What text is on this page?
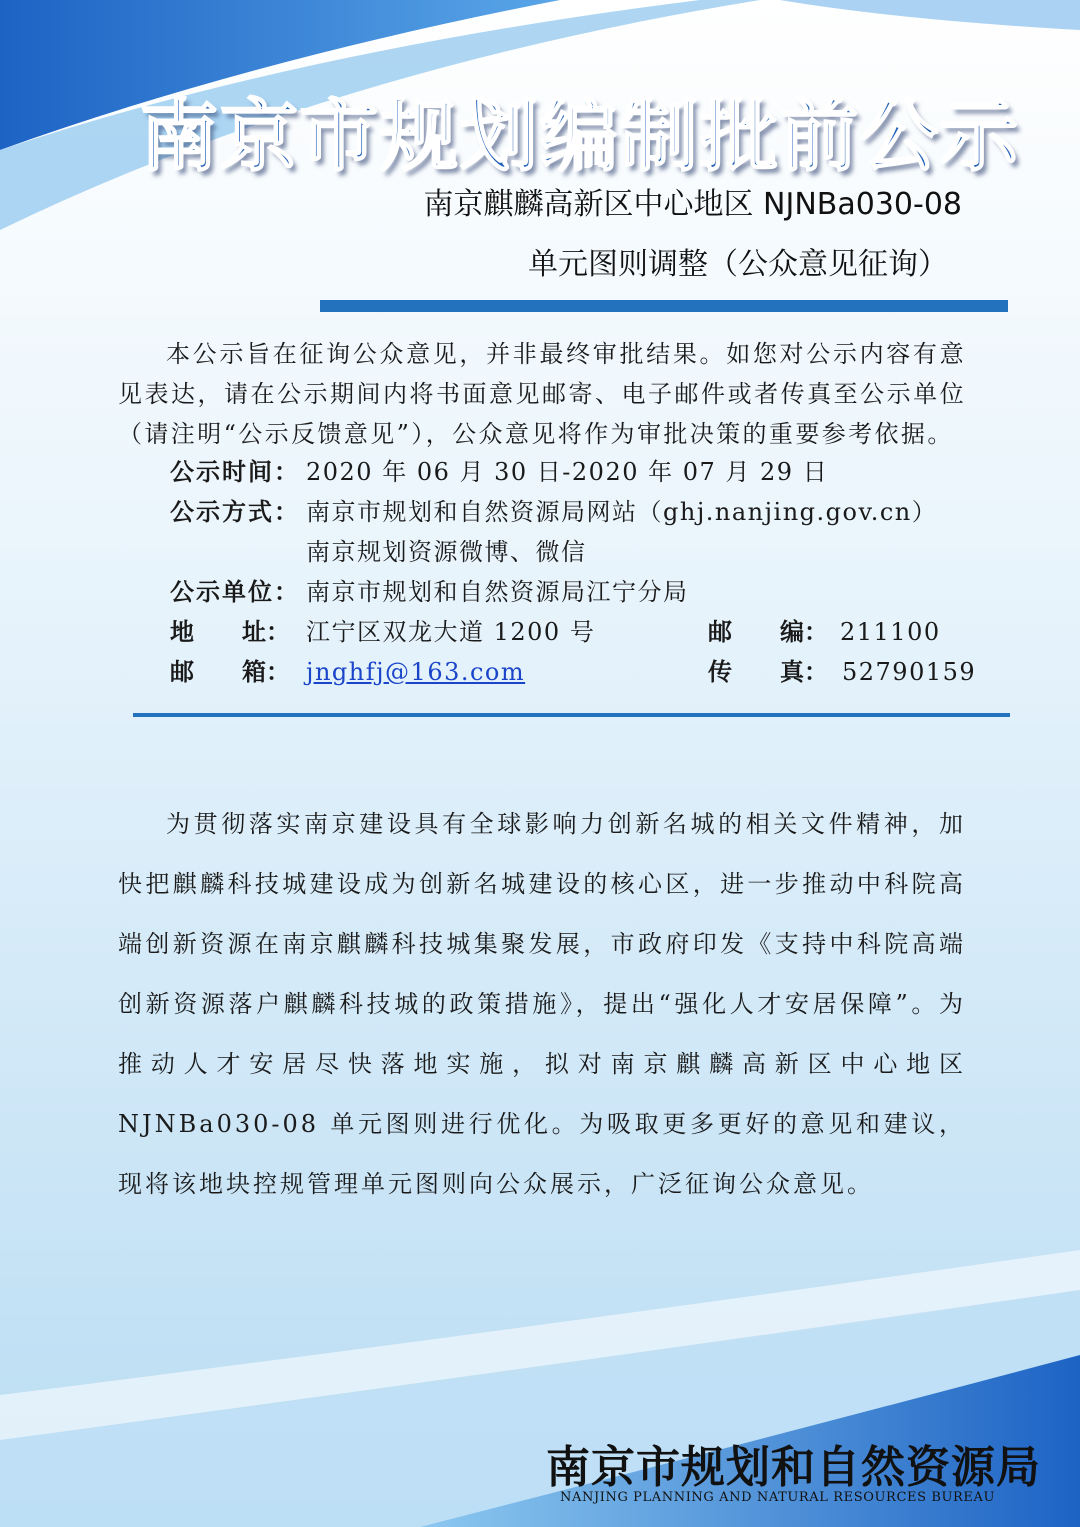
南京市规划编制批前公示

南京麒麟高新区中心地区 NJNBa030-08

单元图则调整（公众意见征询）

本公示旨在征询公众意见，并非最终审批结果。如您对公示内容有意见表达，请在公示期间内将书面意见邮寄、电子邮件或者传真至公示单位（请注明“公示反馈意见”），公众意见将作为审批决策的重要参考依据。

公示时间： 2020 年 06 月 30 日-2020 年 07 月 29 日
公示方式： 南京市规划和自然资源局网站（ghj.nanjing.gov.cn）
南京规划资源微博、微信
公示单位： 南京市规划和自然资源局江宁分局
地 址： 江宁区双龙大道 1200 号	邮 编： 211100
邮 箱： jnghfj@163.com	传 真： 52790159

为贯彻落实南京建设具有全球影响力创新名城的相关文件精神，加快把麒麟科技城建设成为创新名城建设的核心区，进一步推动中科院高端创新资源在南京麒麟科技城集聚发展，市政府印发《支持中科院高端创新资源落户麒麟科技城的政策措施》，提出“强化人才安居保障”。为推动人才安居尽快落地实施，拟对南京麒麟高新区中心地区 NJNBa030-08 单元图则进行优化。为吸取更多更好的意见和建议，现将该地块控规管理单元图则向公众展示，广泛征询公众意见。

南京市规划和自然资源局

NANJING PLANNING AND NATURAL RESOURCES BUREAU
